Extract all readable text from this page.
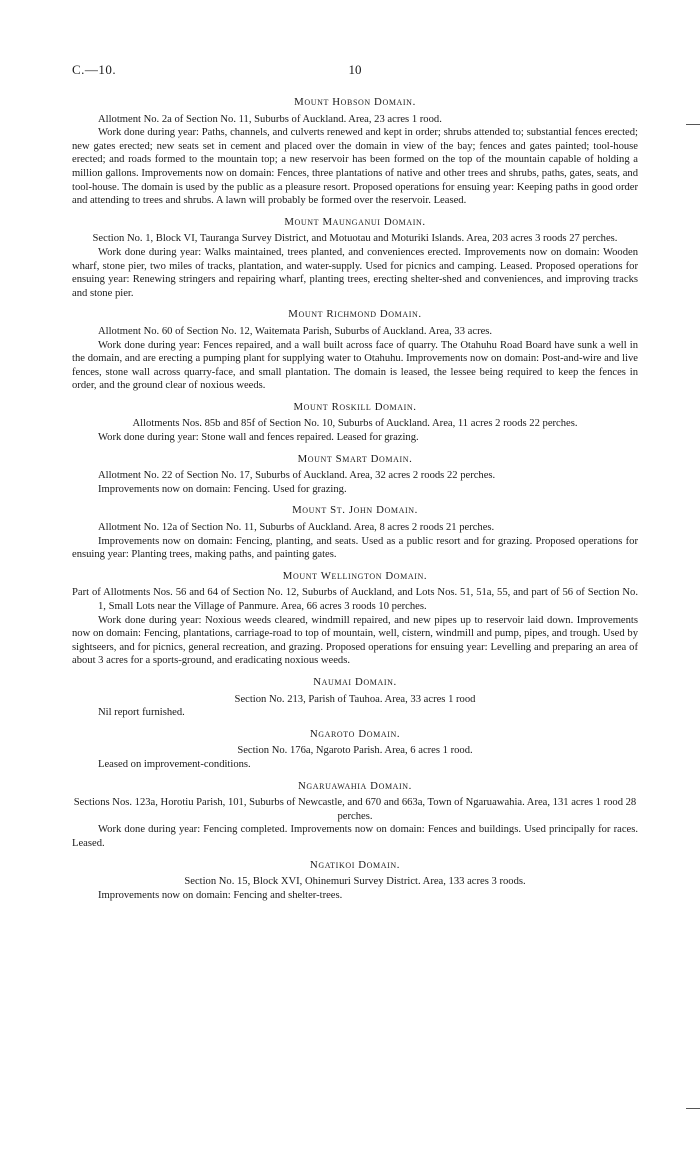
C.—10.	10
Mount Hobson Domain.
Allotment No. 2a of Section No. 11, Suburbs of Auckland. Area, 23 acres 1 rood.
Work done during year: Paths, channels, and culverts renewed and kept in order; shrubs attended to; substantial fences erected; new gates erected; new seats set in cement and placed over the domain in view of the bay; fences and gates painted; tool-house erected; and roads formed to the mountain top; a new reservoir has been formed on the top of the mountain capable of holding a million gallons. Improvements now on domain: Fences, three plantations of native and other trees and shrubs, paths, gates, seats, and tool-house. The domain is used by the public as a pleasure resort. Proposed operations for ensuing year: Keeping paths in good order and attending to trees and shrubs. A lawn will probably be formed over the reservoir. Leased.
Mount Maunganui Domain.
Section No. 1, Block VI, Tauranga Survey District, and Motuotau and Moturiki Islands. Area, 203 acres 3 roods 27 perches.
Work done during year: Walks maintained, trees planted, and conveniences erected. Improvements now on domain: Wooden wharf, stone pier, two miles of tracks, plantation, and water-supply. Used for picnics and camping. Leased. Proposed operations for ensuing year: Renewing stringers and repairing wharf, planting trees, erecting shelter-shed and conveniences, and improving tracks and stone pier.
Mount Richmond Domain.
Allotment No. 60 of Section No. 12, Waitemata Parish, Suburbs of Auckland. Area, 33 acres.
Work done during year: Fences repaired, and a wall built across face of quarry. The Otahuhu Road Board have sunk a well in the domain, and are erecting a pumping plant for supplying water to Otahuhu. Improvements now on domain: Post-and-wire and live fences, stone wall across quarry-face, and small plantation. The domain is leased, the lessee being required to keep the fences in order, and the ground clear of noxious weeds.
Mount Roskill Domain.
Allotments Nos. 85b and 85f of Section No. 10, Suburbs of Auckland. Area, 11 acres 2 roods 22 perches.
Work done during year: Stone wall and fences repaired. Leased for grazing.
Mount Smart Domain.
Allotment No. 22 of Section No. 17, Suburbs of Auckland. Area, 32 acres 2 roods 22 perches.
Improvements now on domain: Fencing. Used for grazing.
Mount St. John Domain.
Allotment No. 12a of Section No. 11, Suburbs of Auckland. Area, 8 acres 2 roods 21 perches.
Improvements now on domain: Fencing, planting, and seats. Used as a public resort and for grazing. Proposed operations for ensuing year: Planting trees, making paths, and painting gates.
Mount Wellington Domain.
Part of Allotments Nos. 56 and 64 of Section No. 12, Suburbs of Auckland, and Lots Nos. 51, 51a, 55, and part of 56 of Section No. 1, Small Lots near the Village of Panmure. Area, 66 acres 3 roods 10 perches.
Work done during year: Noxious weeds cleared, windmill repaired, and new pipes up to reservoir laid down. Improvements now on domain: Fencing, plantations, carriage-road to top of mountain, well, cistern, windmill and pump, pipes, and trough. Used by sightseers, and for picnics, general recreation, and grazing. Proposed operations for ensuing year: Levelling and preparing an area of about 3 acres for a sports-ground, and eradicating noxious weeds.
Naumai Domain.
Section No. 213, Parish of Tauhoa. Area, 33 acres 1 rood
Nil report furnished.
Ngaroto Domain.
Section No. 176a, Ngaroto Parish. Area, 6 acres 1 rood.
Leased on improvement-conditions.
Ngaruawahia Domain.
Sections Nos. 123a, Horotiu Parish, 101, Suburbs of Newcastle, and 670 and 663a, Town of Ngaruawahia. Area, 131 acres 1 rood 28 perches.
Work done during year: Fencing completed. Improvements now on domain: Fences and buildings. Used principally for races. Leased.
Ngatikoi Domain.
Section No. 15, Block XVI, Ohinemuri Survey District. Area, 133 acres 3 roods.
Improvements now on domain: Fencing and shelter-trees.
